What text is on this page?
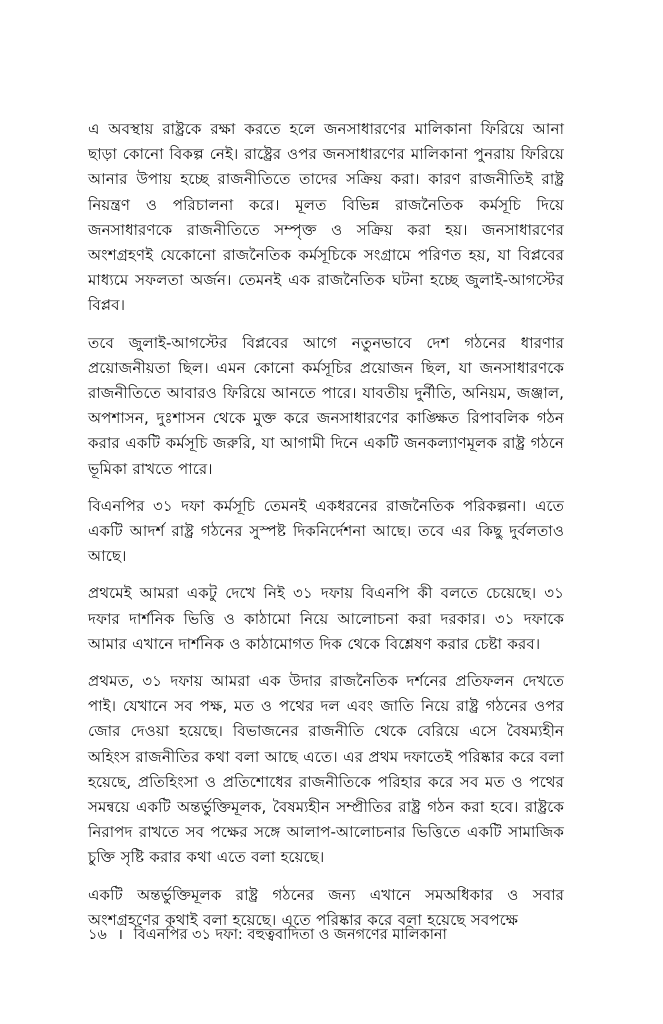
এ অবস্থায় রাষ্ট্রকে রক্ষা করতে হলে জনসাধারণের মালিকানা ফিরিয়ে আনা ছাড়া কোনো বিকল্প নেই। রাষ্ট্রের ওপর জনসাধারণের মালিকানা পুনরায় ফিরিয়ে আনার উপায় হচ্ছে রাজনীতিতে তাদের সক্রিয় করা। কারণ রাজনীতিই রাষ্ট্র নিয়ন্ত্রণ ও পরিচালনা করে। মূলত বিভিন্ন রাজনৈতিক কর্মসূচি দিয়ে জনসাধারণকে রাজনীতিতে সম্পৃক্ত ও সক্রিয় করা হয়। জনসাধারণের অংশগ্রহণই যেকোনো রাজনৈতিক কর্মসূচিকে সংগ্রামে পরিণত হয়, যা বিপ্লবের মাধ্যমে সফলতা অর্জন। তেমনই এক রাজনৈতিক ঘটনা হচ্ছে জুলাই-আগস্টের বিপ্লব।

তবে জুলাই-আগস্টের বিপ্লবের আগে নতুনভাবে দেশ গঠনের ধারণার প্রয়োজনীয়তা ছিল। এমন কোনো কর্মসূচির প্রয়োজন ছিল, যা জনসাধারণকে রাজনীতিতে আবারও ফিরিয়ে আনতে পারে। যাবতীয় দুর্নীতি, অনিয়ম, জঞ্জাল, অপশাসন, দুঃশাসন থেকে মুক্ত করে জনসাধারণের কাঙ্ক্ষিত রিপাবলিক গঠন করার একটি কর্মসূচি জরুরি, যা আগামী দিনে একটি জনকল্যাণমূলক রাষ্ট্র গঠনে ভূমিকা রাখতে পারে।

বিএনপির ৩১ দফা কর্মসূচি তেমনই একধরনের রাজনৈতিক পরিকল্পনা। এতে একটি আদর্শ রাষ্ট্র গঠনের সুস্পষ্ট দিকনির্দেশনা আছে। তবে এর কিছু দুর্বলতাও আছে।

প্রথমেই আমরা একটু দেখে নিই ৩১ দফায় বিএনপি কী বলতে চেয়েছে। ৩১ দফার দার্শনিক ভিত্তি ও কাঠামো নিয়ে আলোচনা করা দরকার। ৩১ দফাকে আমার এখানে দার্শনিক ও কাঠামোগত দিক থেকে বিশ্লেষণ করার চেষ্টা করব।

প্রথমত, ৩১ দফায় আমরা এক উদার রাজনৈতিক দর্শনের প্রতিফলন দেখতে পাই। যেখানে সব পক্ষ, মত ও পথের দল এবং জাতি নিয়ে রাষ্ট্র গঠনের ওপর জোর দেওয়া হয়েছে। বিভাজনের রাজনীতি থেকে বেরিয়ে এসে বৈষম্যহীন অহিংস রাজনীতির কথা বলা আছে এতে। এর প্রথম দফাতেই পরিষ্কার করে বলা হয়েছে, প্রতিহিংসা ও প্রতিশোধের রাজনীতিকে পরিহার করে সব মত ও পথের সমন্বয়ে একটি অন্তর্ভুক্তিমূলক, বৈষম্যহীন সম্প্রীতির রাষ্ট্র গঠন করা হবে। রাষ্ট্রকে নিরাপদ রাখতে সব পক্ষের সঙ্গে আলাপ-আলোচনার ভিত্তিতে একটি সামাজিক চুক্তি সৃষ্টি করার কথা এতে বলা হয়েছে।

একটি অন্তর্ভুক্তিমূলক রাষ্ট্র গঠনের জন্য এখানে সমঅধিকার ও সবার অংশগ্রহণের কথাই বলা হয়েছে। এতে পরিষ্কার করে বলা হয়েছে সবপক্ষে

১৬ । বিএনপির ৩১ দফা: বহুত্ববাদিতা ও জনগণের মালিকানা
